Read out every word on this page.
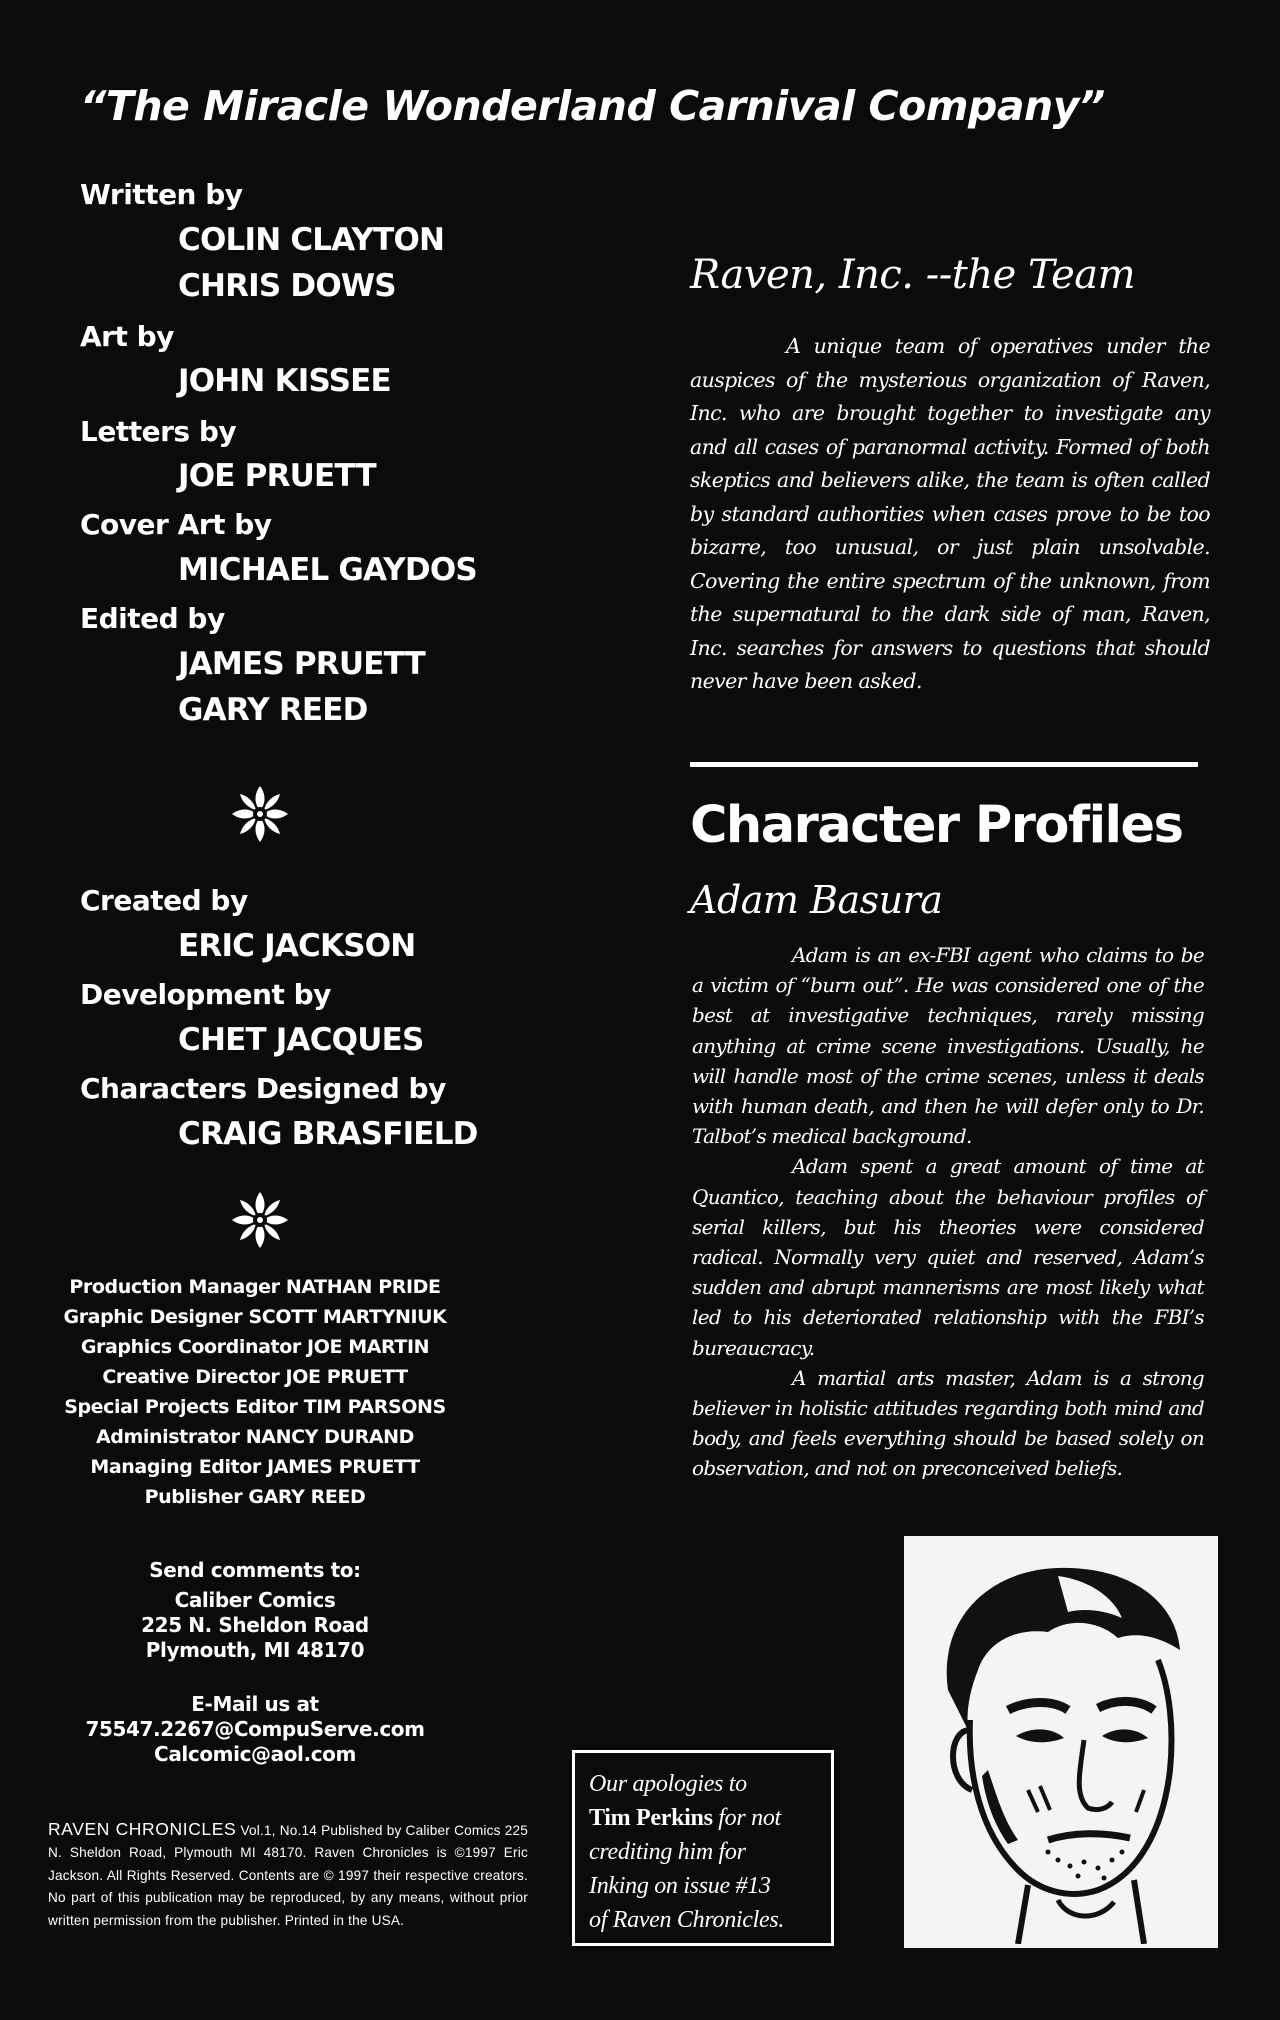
“The Miracle Wonderland Carnival Company”
Written by
COLIN CLAYTON
CHRIS DOWS
Art by
JOHN KISSEE
Letters by
JOE PRUETT
Cover Art by
MICHAEL GAYDOS
Edited by
JAMES PRUETT
GARY REED
Created by
ERIC JACKSON
Development by
CHET JACQUES
Characters Designed by
CRAIG BRASFIELD
Production Manager NATHAN PRIDE
Graphic Designer SCOTT MARTYNIUK
Graphics Coordinator JOE MARTIN
Creative Director JOE PRUETT
Special Projects Editor TIM PARSONS
Administrator NANCY DURAND
Managing Editor JAMES PRUETT
Publisher GARY REED
Send comments to:
Caliber Comics
225 N. Sheldon Road
Plymouth, MI 48170
E-Mail us at
75547.2267@CompuServe.com
Calcomic@aol.com
RAVEN CHRONICLES Vol.1, No.14 Published by Caliber Comics 225 N. Sheldon Road, Plymouth MI 48170. Raven Chronicles is ©1997 Eric Jackson. All Rights Reserved. Contents are © 1997 their respective creators. No part of this publication may be reproduced, by any means, without prior written permission from the publisher. Printed in the USA.
Raven, Inc. --the Team
A unique team of operatives under the auspices of the mysterious organization of Raven, Inc. who are brought together to investigate any and all cases of paranormal activity. Formed of both skeptics and believers alike, the team is often called by standard authorities when cases prove to be too bizarre, too unusual, or just plain unsolvable. Covering the entire spectrum of the unknown, from the supernatural to the dark side of man, Raven, Inc. searches for answers to questions that should never have been asked.
Character Profiles
Adam Basura

Adam is an ex-FBI agent who claims to be a victim of “burn out”. He was considered one of the best at investigative techniques, rarely missing anything at crime scene investigations. Usually, he will handle most of the crime scenes, unless it deals with human death, and then he will defer only to Dr. Talbot’s medical background.

Adam spent a great amount of time at Quantico, teaching about the behaviour profiles of serial killers, but his theories were considered radical. Normally very quiet and reserved, Adam’s sudden and abrupt mannerisms are most likely what led to his deteriorated relationship with the FBI’s bureaucracy.

A martial arts master, Adam is a strong believer in holistic attitudes regarding both mind and body, and feels everything should be based solely on observation, and not on preconceived beliefs.

Our apologies to
Tim Perkins for not
crediting him for
Inking on issue #13
of Raven Chronicles.
